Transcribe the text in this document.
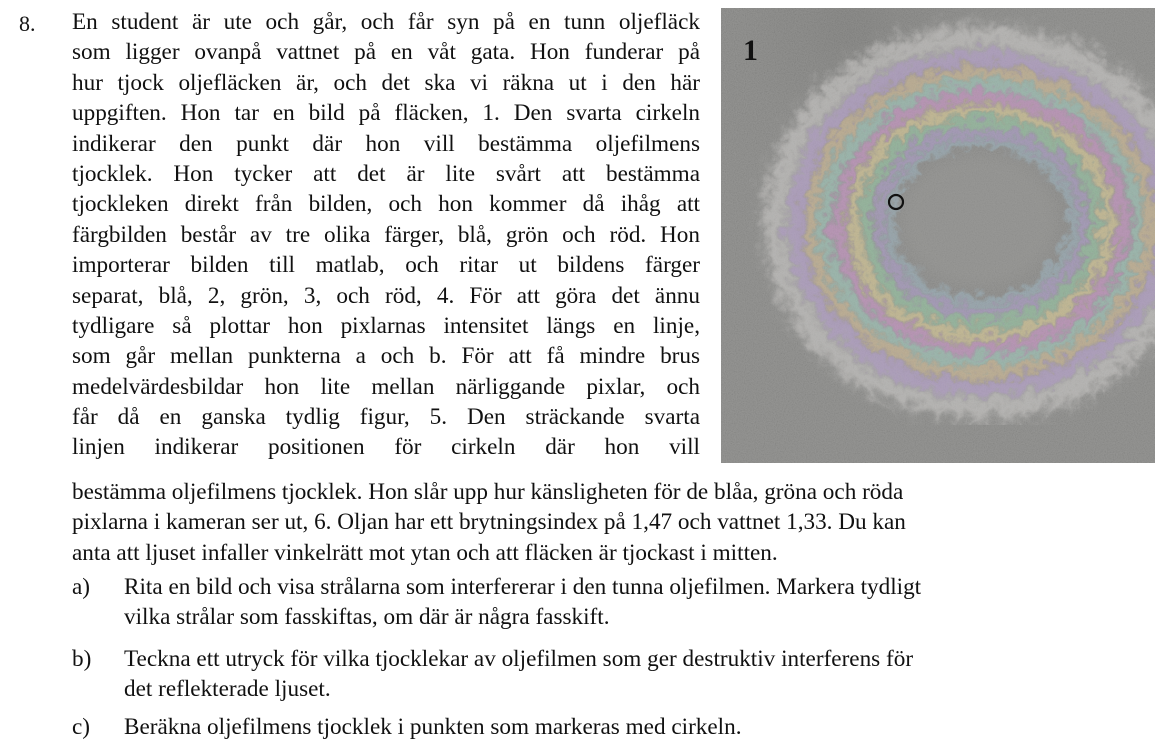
8. En student är ute och går, och får syn på en tunn oljefläck
som ligger ovanpå vattnet på en våt gata. Hon funderar på
hur tjock oljefläcken är, och det ska vi räkna ut i den här
uppgiften. Hon tar en bild på fläcken, 1. Den svarta cirkeln
indikerar den punkt där hon vill bestämma oljefilmens
tjocklek. Hon tycker att det är lite svårt att bestämma
tjockleken direkt från bilden, och hon kommer då ihåg att
färgbilden består av tre olika färger, blå, grön och röd. Hon
importerar bilden till matlab, och ritar ut bildens färger
separat, blå, 2, grön, 3, och röd, 4. För att göra det ännu
tydligare så plottar hon pixlarnas intensitet längs en linje,
som går mellan punkterna a och b. För att få mindre brus
medelvärdesbildar hon lite mellan närliggande pixlar, och
får då en ganska tydlig figur, 5. Den sträckande svarta
linjen indikerar positionen för cirkeln där hon vill
1
bestämma oljefilmens tjocklek. Hon slår upp hur känsligheten för de blåa, gröna och röda
pixlarna i kameran ser ut, 6. Oljan har ett brytningsindex på 1,47 och vattnet 1,33. Du kan
anta att ljuset infaller vinkelrätt mot ytan och att fläcken är tjockast i mitten.
a) Rita en bild och visa strålarna som interfererar i den tunna oljefilmen. Markera tydligt
vilka strålar som fasskiftas, om där är några fasskift.
b) Teckna ett utryck för vilka tjocklekar av oljefilmen som ger destruktiv interferens för
det reflekterade ljuset.
c) Beräkna oljefilmens tjocklek i punkten som markeras med cirkeln.
